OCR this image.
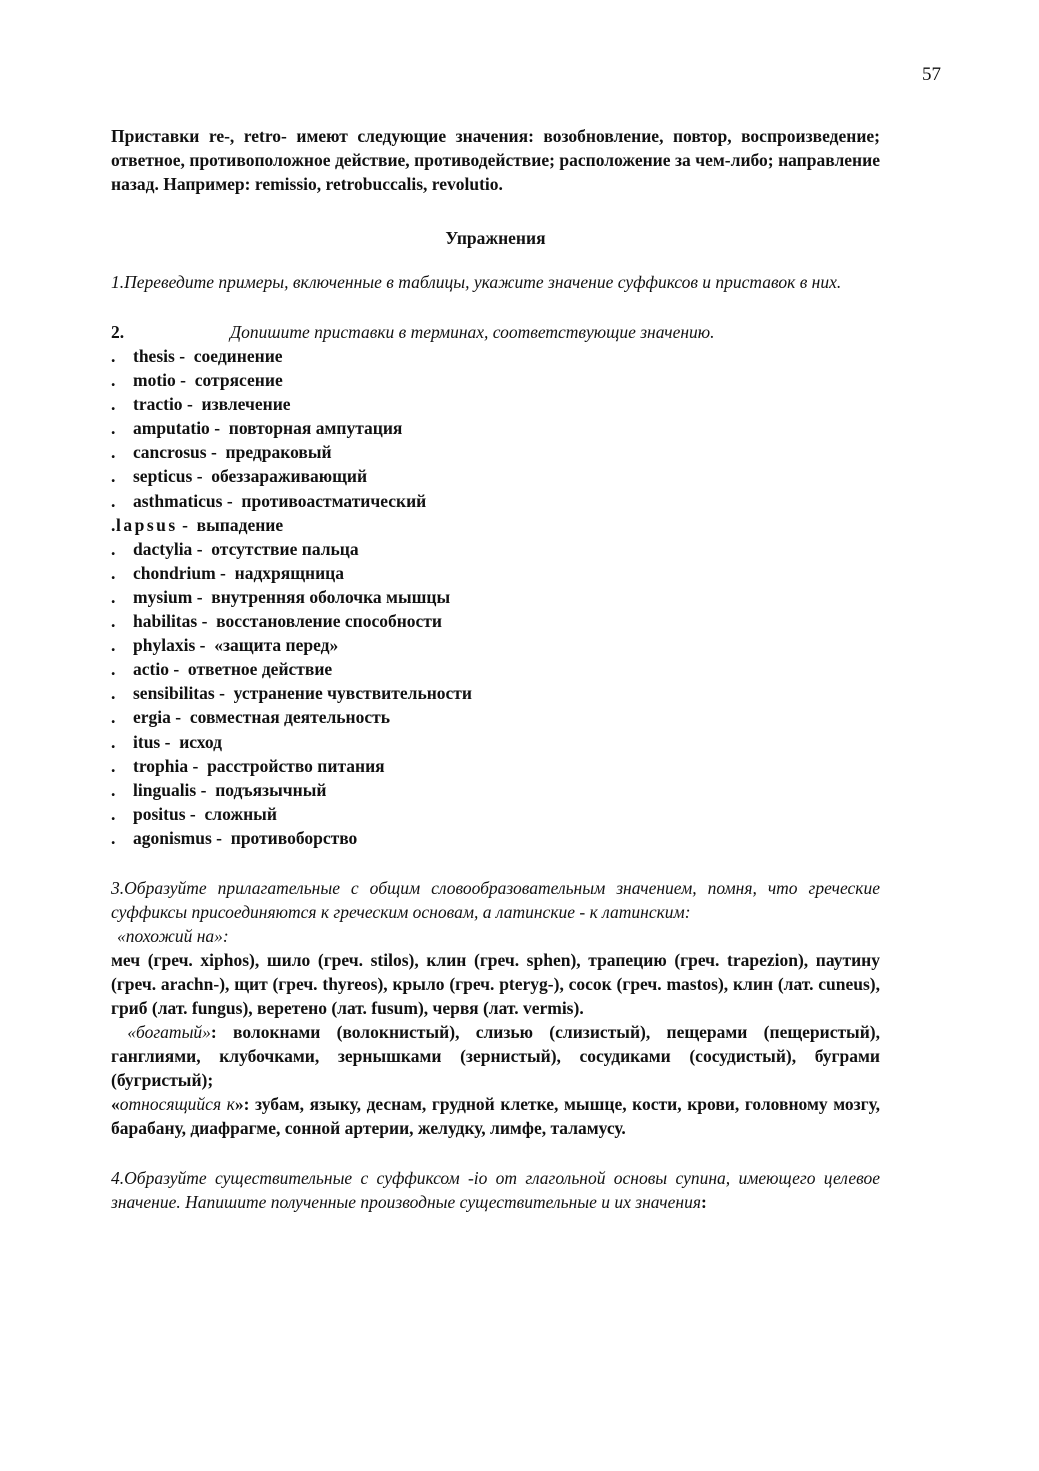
57

Приставки re-, retro- имеют следующие значения: возобновление, повтор, воспроизведение; ответное, противоположное действие, противодействие; расположение за чем-либо; направление назад. Например: remissio, retrobuccalis, revolutio.

Упражнения

1.Переведите примеры, включенные в таблицы, укажите значение суффиксов и приставок в них.

2.	Допишите приставки в терминах, соответствующие значению.
. thesis -  соединение
. motio -  сотрясение
. tractio -  извлечение
. amputatio -  повторная ампутация
. cancrosus -  предраковый
. septicus -  обеззараживающий
. asthmaticus -  противоастматический
.lapsus -  выпадение
. dactylia -  отсутствие пальца
. chondrium -  надхрящница
. mysium -  внутренняя оболочка мышцы
. habilitas -  восстановление способности
. phylaxis -  «защита перед»
. actio -  ответное действие
. sensibilitas -  устранение чувствительности
. ergia -  совместная деятельность
. itus -  исход
. trophia -  расстройство питания
. lingualis -  подъязычный
. positus -  сложный
. agonismus -  противоборство

3.Образуйте прилагательные с общим словообразовательным значением, помня, что греческие суффиксы присоединяются к греческим основам, а латинские - к латинским:

«похожий на»:

меч (греч. xiphos), шило (греч. stilos), клин (греч. sphen), трапецию (греч. trapezion), паутину (греч. arachn-), щит (греч. thyreos), крыло (греч. pteryg-), сосок (греч. mastos), клин (лат. cuneus), гриб (лат. fungus), веретено (лат. fusum), червя (лат. vermis).

«богатый»: волокнами (волокнистый), слизью (слизистый), пещерами (пещеристый), ганглиями, клубочками, зернышками (зернистый), сосудиками (сосудистый), буграми (бугристый);

«относящийся к»: зубам, языку, деснам, грудной клетке, мышце, кости, крови, головному мозгу, барабану, диафрагме, сонной артерии, желудку, лимфе, таламусу.

4.Образуйте существительные с суффиксом -io от глагольной основы супина, имеющего целевое значение. Напишите полученные производные существительные и их значения:
